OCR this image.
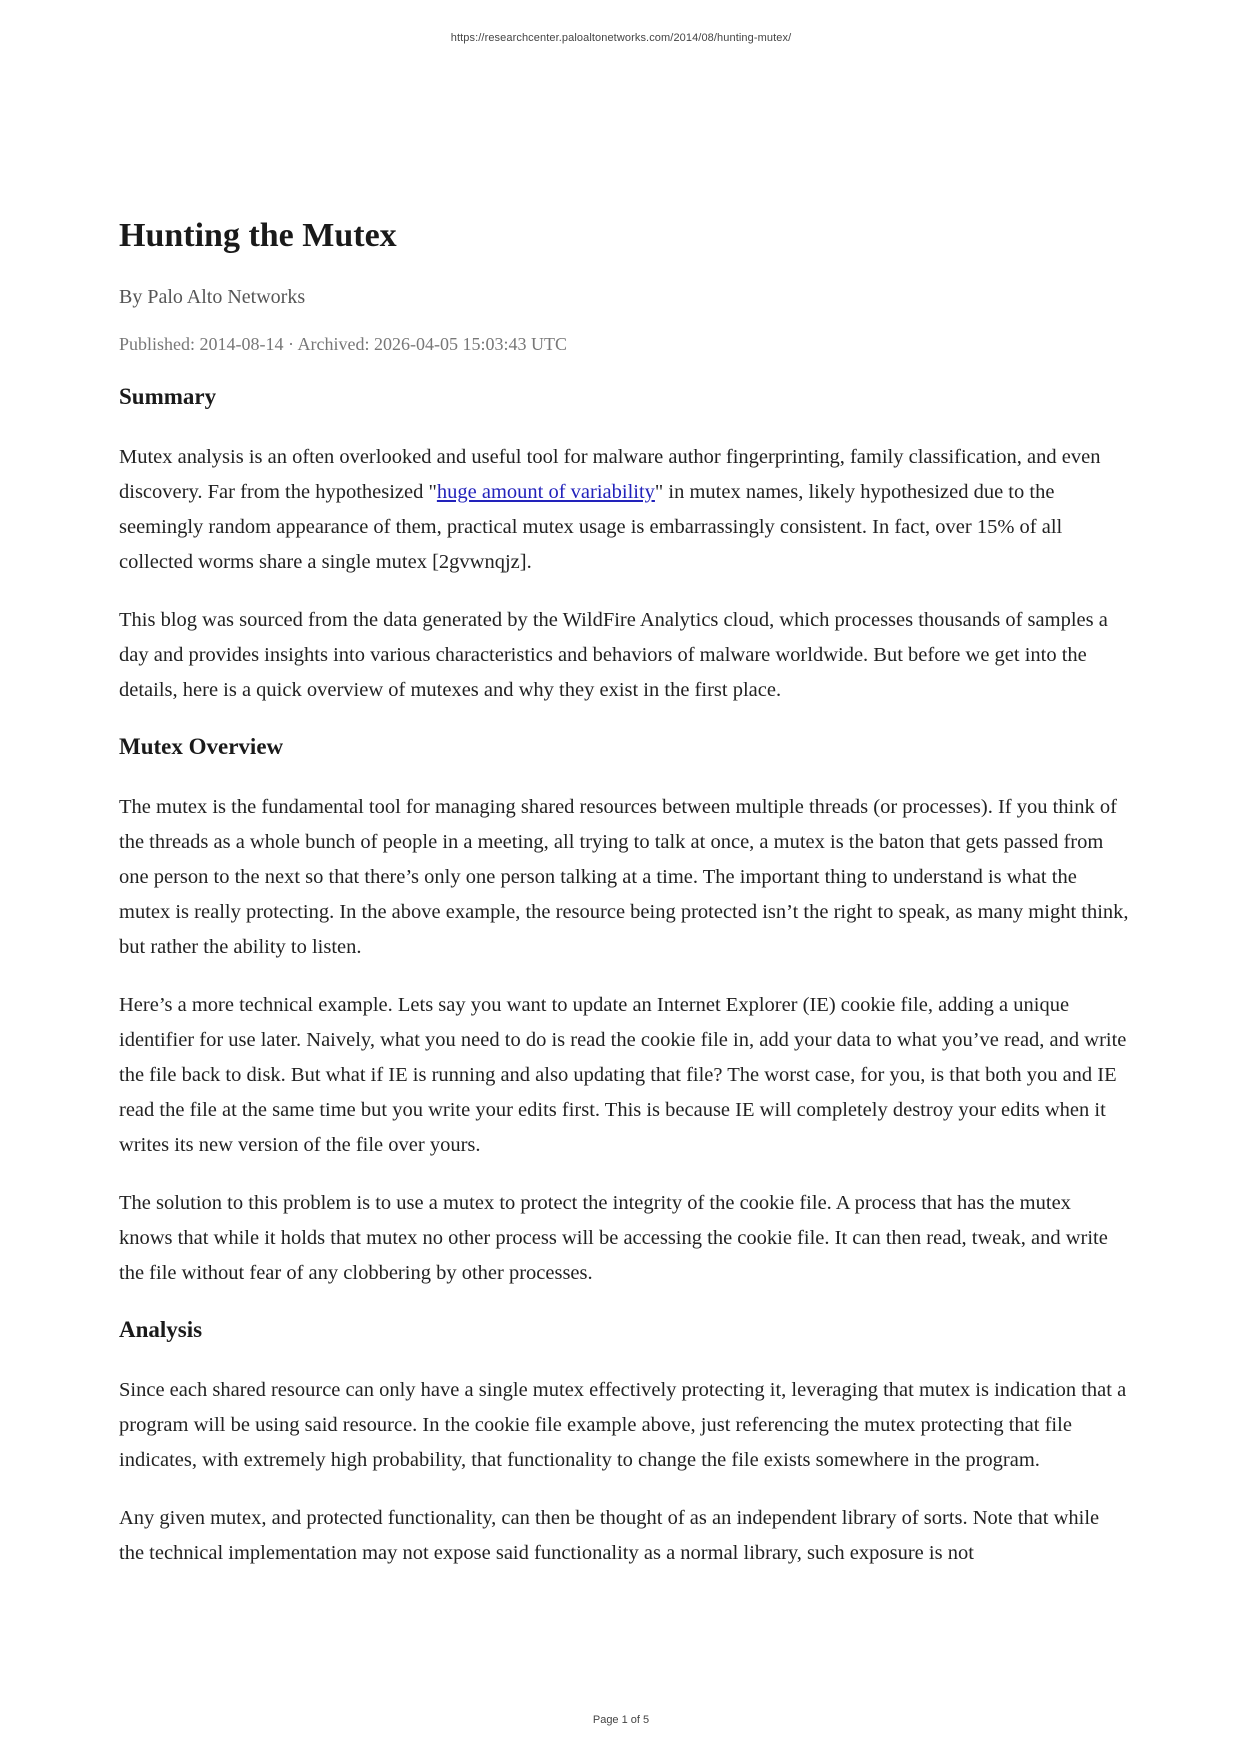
https://researchcenter.paloaltonetworks.com/2014/08/hunting-mutex/
Hunting the Mutex
By Palo Alto Networks
Published: 2014-08-14 · Archived: 2026-04-05 15:03:43 UTC
Summary

Mutex analysis is an often overlooked and useful tool for malware author fingerprinting, family classification, and even discovery. Far from the hypothesized "huge amount of variability" in mutex names, likely hypothesized due to the seemingly random appearance of them, practical mutex usage is embarrassingly consistent. In fact, over 15% of all collected worms share a single mutex [2gvwnqjz].

This blog was sourced from the data generated by the WildFire Analytics cloud, which processes thousands of samples a day and provides insights into various characteristics and behaviors of malware worldwide. But before we get into the details, here is a quick overview of mutexes and why they exist in the first place.

Mutex Overview

The mutex is the fundamental tool for managing shared resources between multiple threads (or processes). If you think of the threads as a whole bunch of people in a meeting, all trying to talk at once, a mutex is the baton that gets passed from one person to the next so that there’s only one person talking at a time. The important thing to understand is what the mutex is really protecting. In the above example, the resource being protected isn’t the right to speak, as many might think, but rather the ability to listen.

Here’s a more technical example. Lets say you want to update an Internet Explorer (IE) cookie file, adding a unique identifier for use later. Naively, what you need to do is read the cookie file in, add your data to what you’ve read, and write the file back to disk. But what if IE is running and also updating that file? The worst case, for you, is that both you and IE read the file at the same time but you write your edits first. This is because IE will completely destroy your edits when it writes its new version of the file over yours.

The solution to this problem is to use a mutex to protect the integrity of the cookie file. A process that has the mutex knows that while it holds that mutex no other process will be accessing the cookie file. It can then read, tweak, and write the file without fear of any clobbering by other processes.

Analysis

Since each shared resource can only have a single mutex effectively protecting it, leveraging that mutex is indication that a program will be using said resource. In the cookie file example above, just referencing the mutex protecting that file indicates, with extremely high probability, that functionality to change the file exists somewhere in the program.

Any given mutex, and protected functionality, can then be thought of as an independent library of sorts. Note that while the technical implementation may not expose said functionality as a normal library, such exposure is not

Page 1 of 5
